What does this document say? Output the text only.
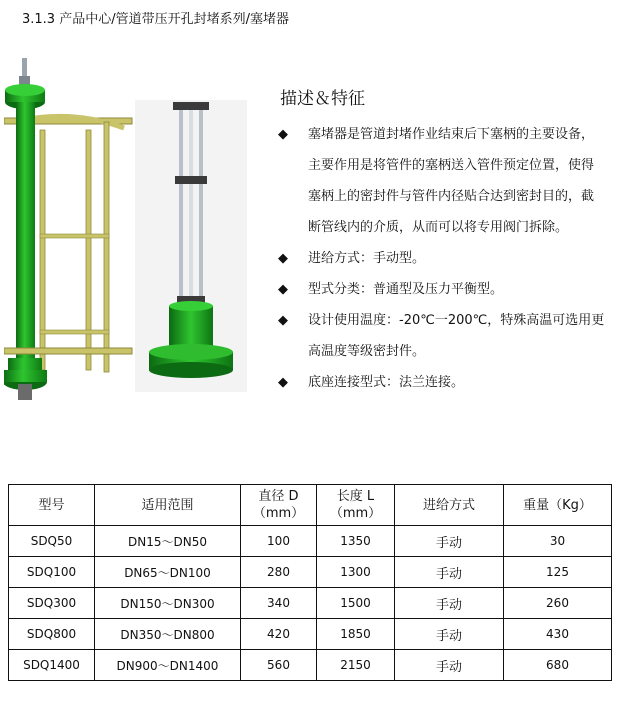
3.1.3 产品中心/管道带压开孔封堵系列/塞堵器
描述＆特征
◆	塞堵器是管道封堵作业结束后下塞柄的主要设备，
主要作用是将管件的塞柄送入管件预定位置，使得
塞柄上的密封件与管件内径贴合达到密封目的，截
断管线内的介质，从而可以将专用阀门拆除。
◆	进给方式：手动型。
◆	型式分类：普通型及压力平衡型。
◆	设计使用温度：-20℃一200℃，特殊高温可选用更
高温度等级密封件。
◆	底座连接型式：法兰连接。
型号	适用范围	直径 D
（mm）	长度 L
（mm）	进给方式	重量（Kg）
SDQ50	DN15～DN50	100	1350	手动	30
SDQ100	DN65～DN100	280	1300	手动	125
SDQ300	DN150～DN300	340	1500	手动	260
SDQ800	DN350～DN800	420	1850	手动	430
SDQ1400	DN900～DN1400	560	2150	手动	680
